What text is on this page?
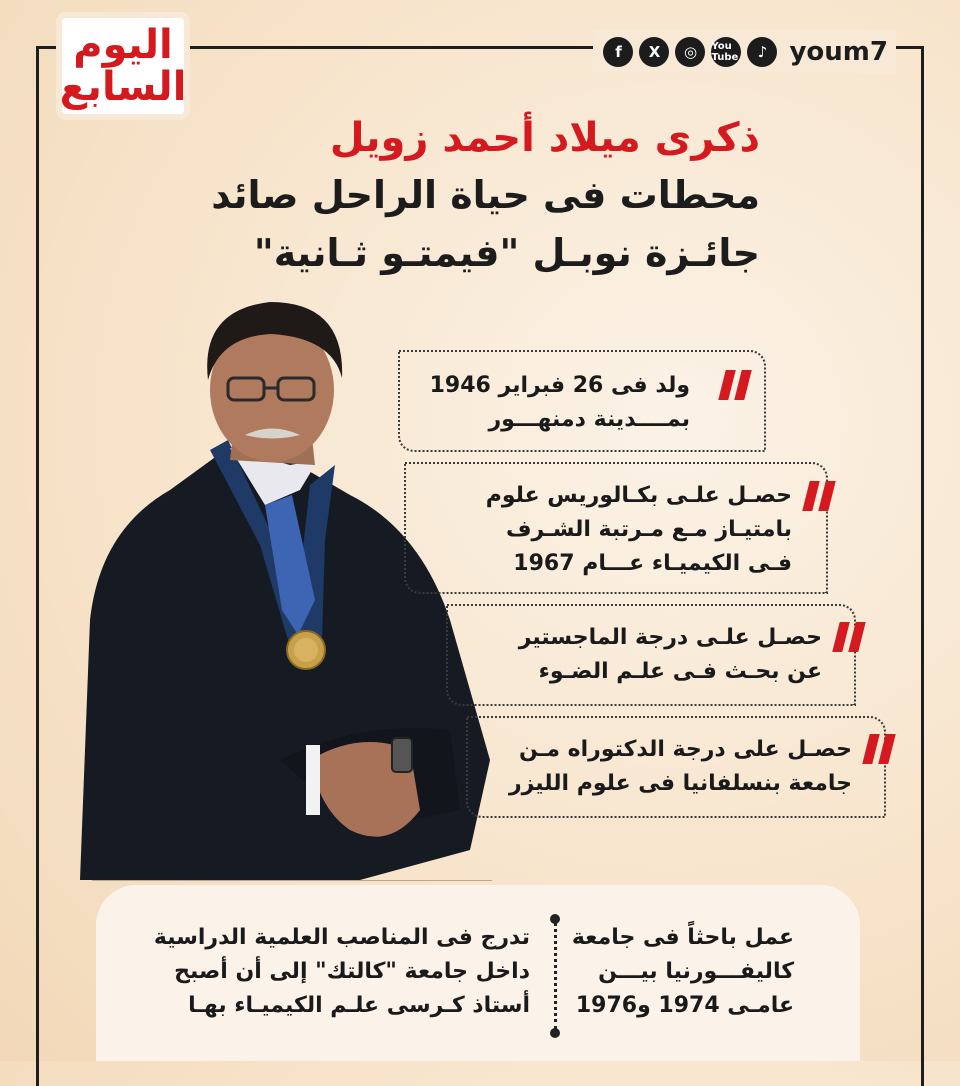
اليوم
السابع
f	X	◎	You Tube	♪ youm7
ذكرى ميلاد أحمد زويل
محطات فى حياة الراحل صائد
جائـزة نوبـل "فيمتـو ثـانية"
ولد فى 26 فبراير 1946
بمــــدينة دمنهـــور
حصـل علـى بكـالوريس علوم
بامتيـاز مـع مـرتبة الشـرف
فـى الكيميـاء عـــام 1967
حصـل علـى درجة الماجستير
عن بحـث فـى علـم الضـوء
حصـل على درجة الدكتوراه مـن
جامعة بنسلفانيا فى علوم الليزر
عمل باحثاً فى جامعة
كاليفـــورنيا بيـــن
عامـى 1974 و1976
تدرج فى المناصب العلمية الدراسية
داخل جامعة "كالتك" إلى أن أصبح
أستاذ كـرسى علـم الكيميـاء بهـا
